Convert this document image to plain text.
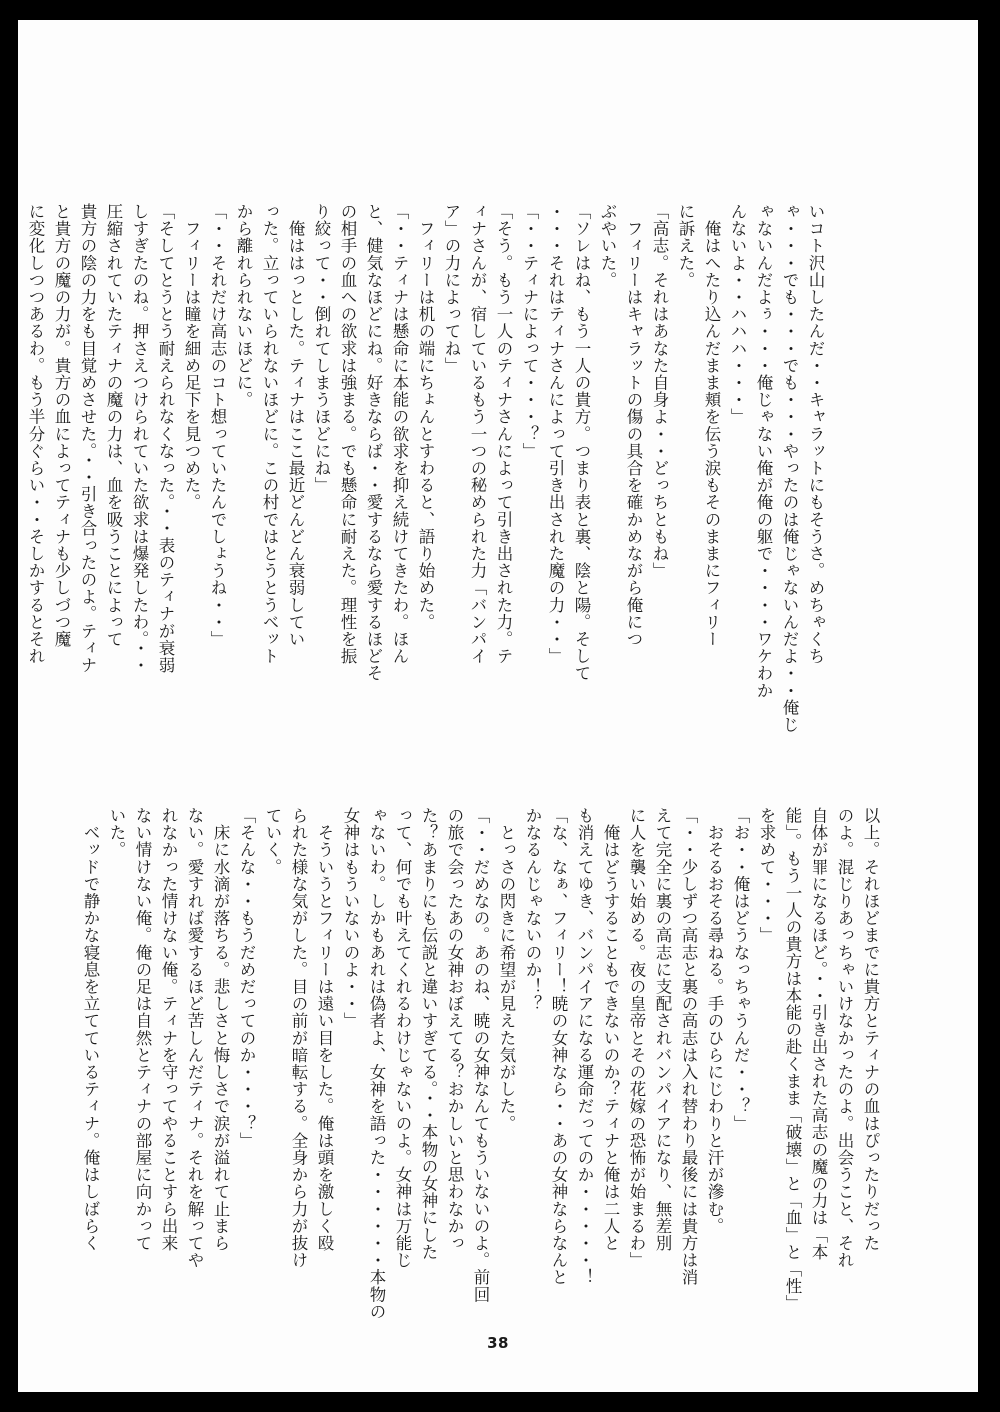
いコト沢山したんだ・・キャラットにもそうさ。めちゃくち

ゃ・・・でも・・・でも・・・やったのは俺じゃないんだよ・・俺じ

ゃないんだよぅ・・・俺じゃない俺が俺の躯で・・・・ワケわか

んないよ・・ハハハ・・・」

　俺はへたり込んだまま頬を伝う涙もそのままにフィリー

に訴えた。

「高志。それはあなた自身よ・・どっちともね」

　フィリーはキャラットの傷の具合を確かめながら俺につ

ぶやいた。

「ソレはね、もう一人の貴方。つまり表と裏、陰と陽。そして

・・・それはティナさんによって引き出された魔の力・・」

「・・ティナによって・・・？」

「そう。もう一人のティナさんによって引き出された力。テ

ィナさんが、宿しているもう一つの秘められた力「バンパイ

ア」の力によってね」

　フィリーは机の端にちょんとすわると、語り始めた。

「・・ティナは懸命に本能の欲求を抑え続けてきたわ。ほん

と、健気なほどにね。好きならば・・愛するなら愛するほどそ

の相手の血への欲求は強まる。でも懸命に耐えた。理性を振

り絞って・・倒れてしまうほどにね」

　俺ははっとした。ティナはここ最近どんどん衰弱してい

った。立っていられないほどに。この村ではとうとうベット

から離れられないほどに。

「・・それだけ高志のコト想っていたんでしょうね・・」

　フィリーは瞳を細め足下を見つめた。

「そしてとうとう耐えられなくなった。・・表のティナが衰弱

しすぎたのね。押さえつけられていた欲求は爆発したわ。・・

圧縮されていたティナの魔の力は、血を吸うことによって

貴方の陰の力をも目覚めさせた。・・引き合ったのよ。ティナ

と貴方の魔の力が。貴方の血によってティナも少しづつ魔

に変化しつつあるわ。もう半分ぐらい・・そしかするとそれ

以上。それほどまでに貴方とティナの血はぴったりだった

のよ。混じりあっちゃいけなかったのよ。出会うこと、それ

自体が罪になるほど。・・引き出された高志の魔の力は「本

能」。もう一人の貴方は本能の赴くまま「破壊」と「血」と「性」

を求めて・・・」

「お・・俺はどうなっちゃうんだ・・？」

　おそるおそる尋ねる。手のひらにじわりと汗が滲む。

「・・少しずつ高志と裏の高志は入れ替わり最後には貴方は消

えて完全に裏の高志に支配されバンパイアになり、無差別

に人を襲い始める。夜の皇帝とその花嫁の恐怖が始まるわ」

　俺はどうすることもできないのか？ティナと俺は二人と

も消えてゆき、バンパイアになる運命だってのか・・・・・！

「な、なぁ、フィリー！暁の女神なら・・あの女神ならなんと

かなるんじゃないのか！？

　とっさの閃きに希望が見えた気がした。

「・・だめなの。あのね、暁の女神なんてもういないのよ。前回

の旅で会ったあの女神おぼえてる？おかしいと思わなかっ

た？あまりにも伝説と違いすぎてる。・・本物の女神にした

って、何でも叶えてくれるわけじゃないのよ。女神は万能じ

ゃないわ。しかもあれは偽者よ、女神を語った・・・・・・本物の

女神はもういないのよ・・」

　そういうとフィリーは遠い目をした。俺は頭を激しく殴

られた様な気がした。目の前が暗転する。全身から力が抜け

ていく。

「そんな・・もうだめだってのか・・・？」

　床に水滴が落ちる。悲しさと悔しさで涙が溢れて止まら

ない。愛すれば愛するほど苦しんだティナ。それを解ってや

れなかった情けない俺。ティナを守ってやることすら出来

ない情けない俺。俺の足は自然とティナの部屋に向かって

いた。

　ベッドで静かな寝息を立てているティナ。俺はしばらく

38
